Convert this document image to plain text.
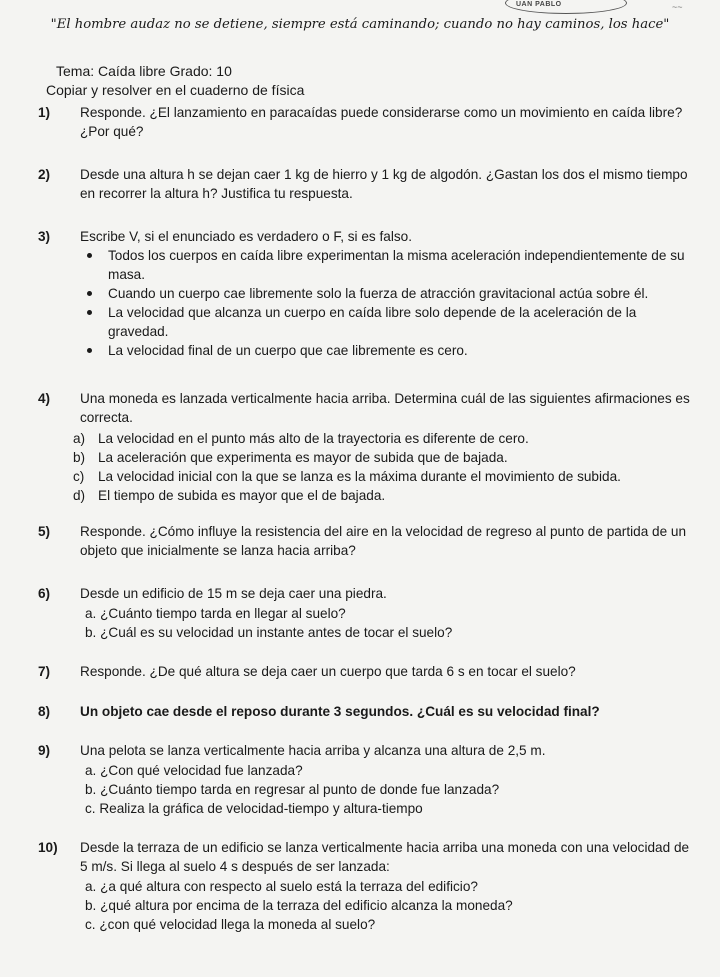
UAN PABLO	~~
"El hombre audaz no se detiene, siempre está caminando; cuando no hay caminos, los hace"
Tema: Caída libre Grado: 10
Copiar y resolver en el cuaderno de física
1) Responde. ¿El lanzamiento en paracaídas puede considerarse como un movimiento en caída libre? ¿Por qué?
2) Desde una altura h se dejan caer 1 kg de hierro y 1 kg de algodón. ¿Gastan los dos el mismo tiempo en recorrer la altura h? Justifica tu respuesta.
3) Escribe V, si el enunciado es verdadero o F, si es falso.
Todos los cuerpos en caída libre experimentan la misma aceleración independientemente de su masa.
Cuando un cuerpo cae libremente solo la fuerza de atracción gravitacional actúa sobre él.
La velocidad que alcanza un cuerpo en caída libre solo depende de la aceleración de la gravedad.
La velocidad final de un cuerpo que cae libremente es cero.
4) Una moneda es lanzada verticalmente hacia arriba. Determina cuál de las siguientes afirmaciones es correcta.
a) La velocidad en el punto más alto de la trayectoria es diferente de cero.
b) La aceleración que experimenta es mayor de subida que de bajada.
c) La velocidad inicial con la que se lanza es la máxima durante el movimiento de subida.
d) El tiempo de subida es mayor que el de bajada.
5) Responde. ¿Cómo influye la resistencia del aire en la velocidad de regreso al punto de partida de un objeto que inicialmente se lanza hacia arriba?
6) Desde un edificio de 15 m se deja caer una piedra.
a. ¿Cuánto tiempo tarda en llegar al suelo?
b. ¿Cuál es su velocidad un instante antes de tocar el suelo?
7) Responde. ¿De qué altura se deja caer un cuerpo que tarda 6 s en tocar el suelo?
8) Un objeto cae desde el reposo durante 3 segundos. ¿Cuál es su velocidad final?
9) Una pelota se lanza verticalmente hacia arriba y alcanza una altura de 2,5 m.
a. ¿Con qué velocidad fue lanzada?
b. ¿Cuánto tiempo tarda en regresar al punto de donde fue lanzada?
c. Realiza la gráfica de velocidad-tiempo y altura-tiempo
10) Desde la terraza de un edificio se lanza verticalmente hacia arriba una moneda con una velocidad de 5 m/s. Si llega al suelo 4 s después de ser lanzada:
a. ¿a qué altura con respecto al suelo está la terraza del edificio?
b. ¿qué altura por encima de la terraza del edificio alcanza la moneda?
c. ¿con qué velocidad llega la moneda al suelo?
